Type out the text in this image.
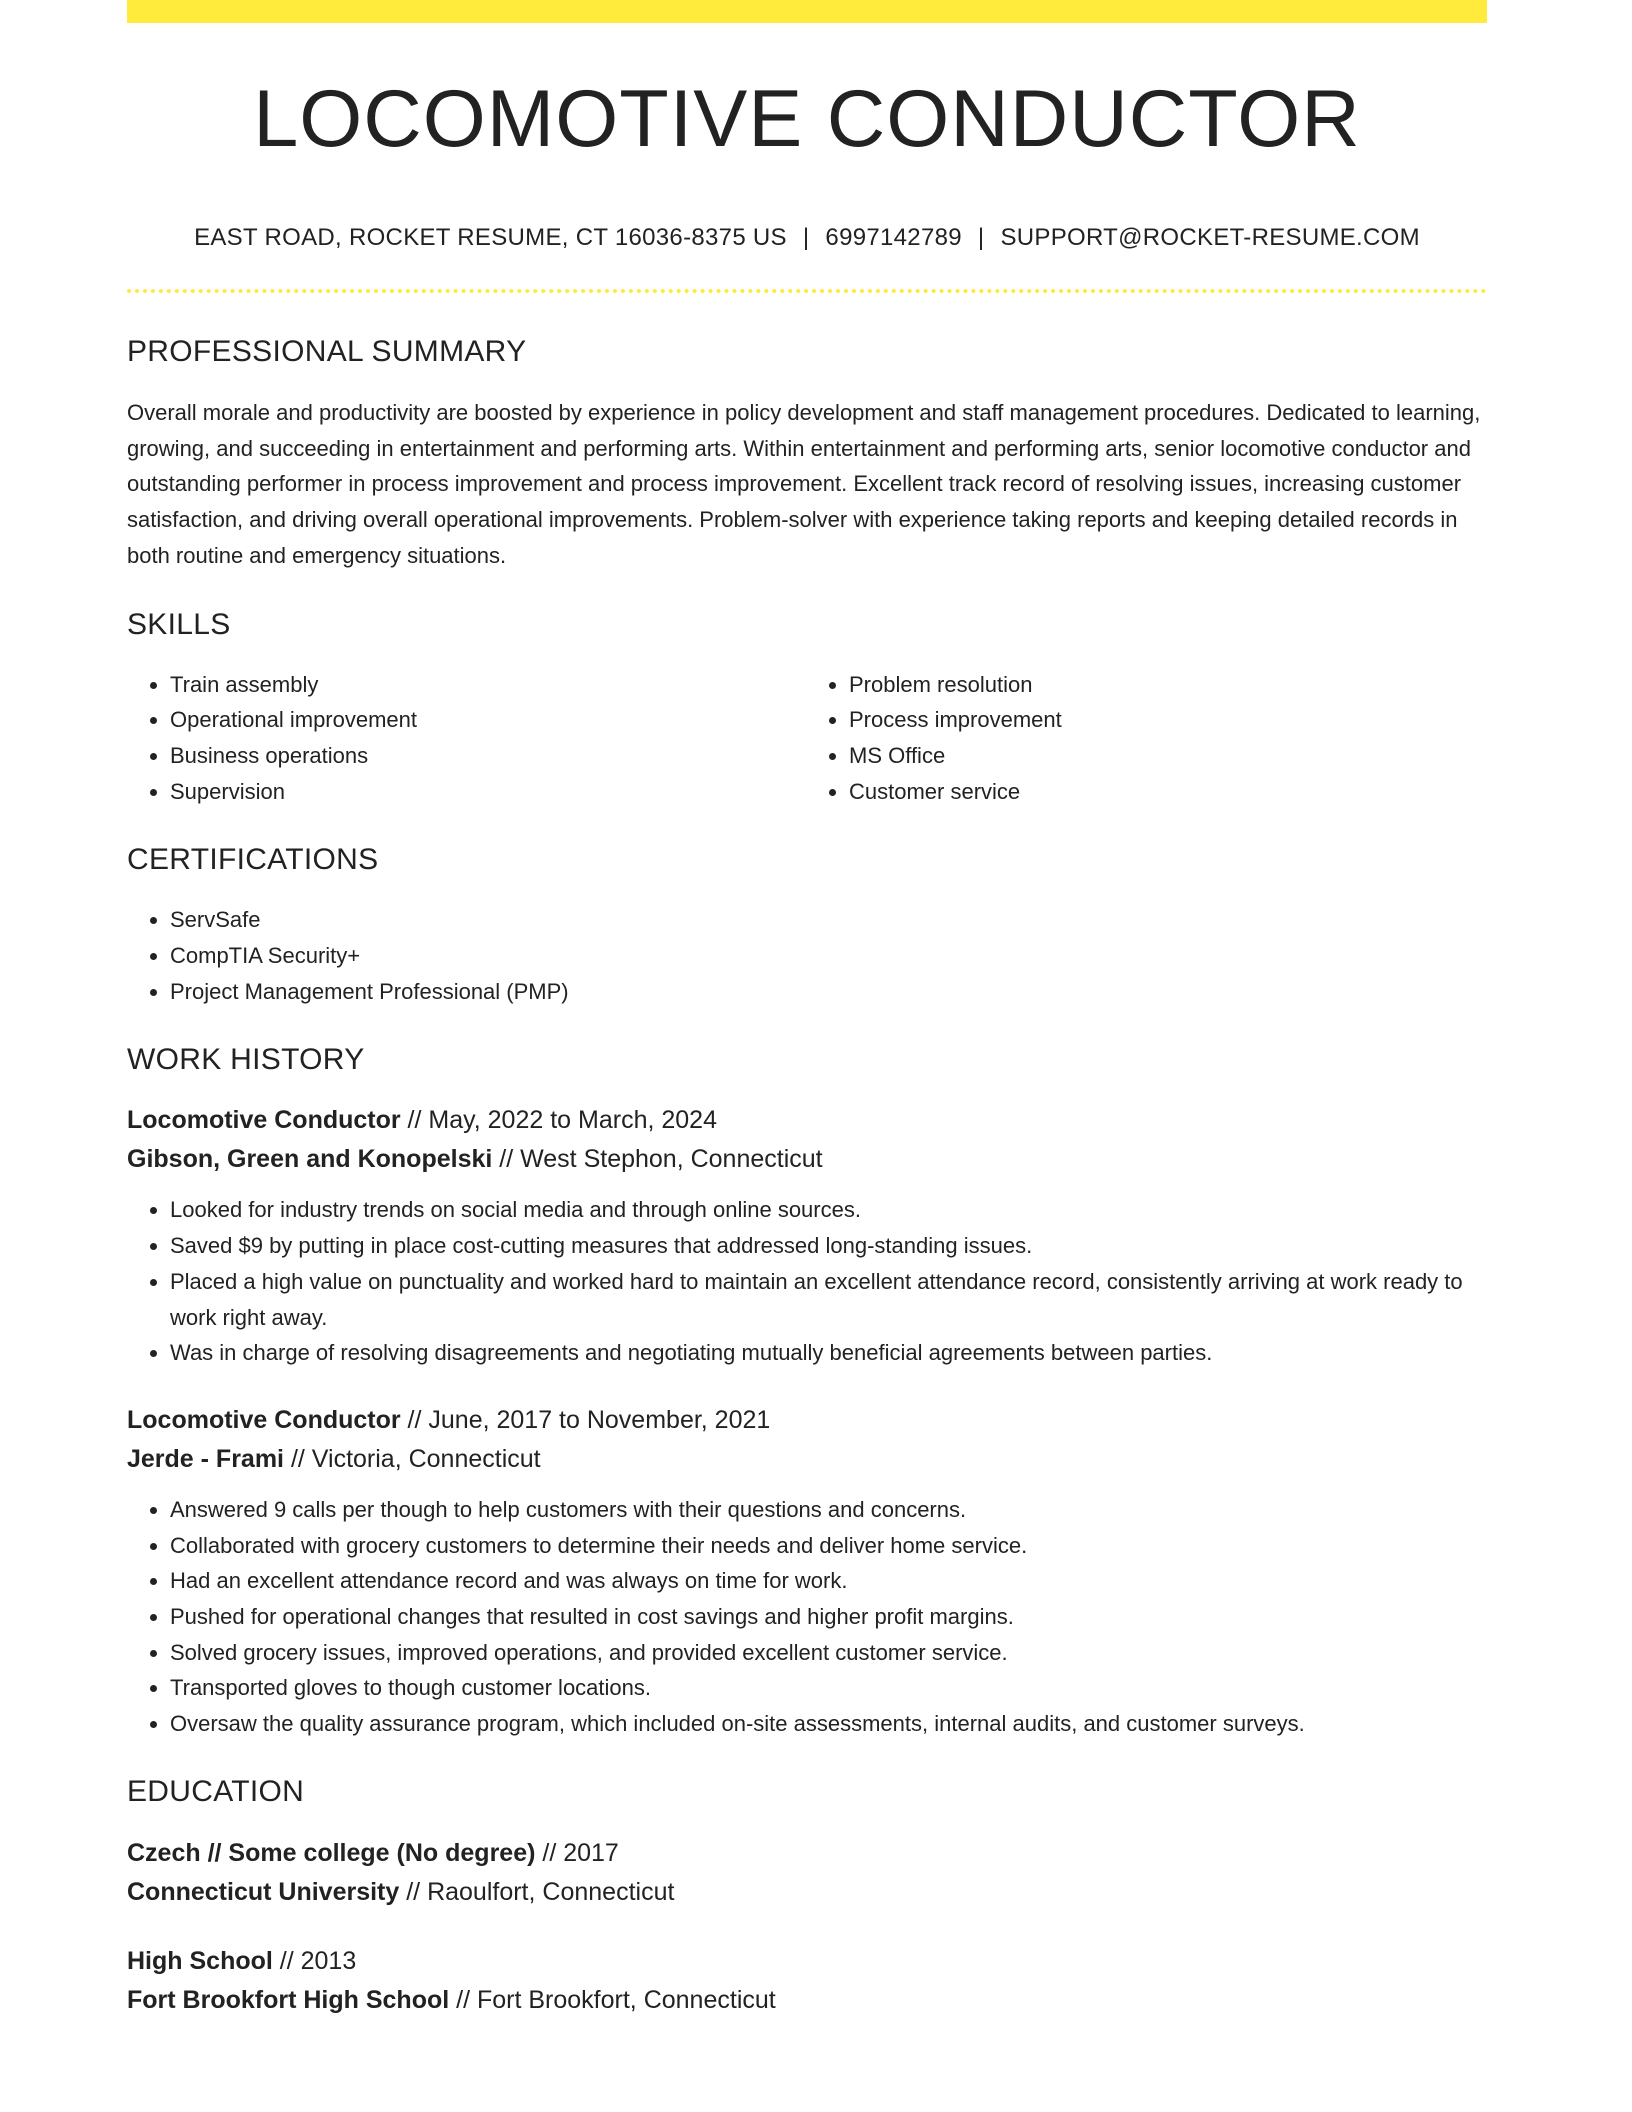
LOCOMOTIVE CONDUCTOR
EAST ROAD, ROCKET RESUME, CT 16036-8375 US | 6997142789 | SUPPORT@ROCKET-RESUME.COM
PROFESSIONAL SUMMARY

Overall morale and productivity are boosted by experience in policy development and staff management procedures. Dedicated to learning, growing, and succeeding in entertainment and performing arts. Within entertainment and performing arts, senior locomotive conductor and outstanding performer in process improvement and process improvement. Excellent track record of resolving issues, increasing customer satisfaction, and driving overall operational improvements. Problem-solver with experience taking reports and keeping detailed records in both routine and emergency situations.

SKILLS
• Train assembly
• Operational improvement
• Business operations
• Supervision
• Problem resolution
• Process improvement
• MS Office
• Customer service
CERTIFICATIONS
• ServSafe
• CompTIA Security+
• Project Management Professional (PMP)
WORK HISTORY
Locomotive Conductor // May, 2022 to March, 2024
Gibson, Green and Konopelski // West Stephon, Connecticut
• Looked for industry trends on social media and through online sources.
• Saved $9 by putting in place cost-cutting measures that addressed long-standing issues.
• Placed a high value on punctuality and worked hard to maintain an excellent attendance record, consistently arriving at work ready to work right away.
• Was in charge of resolving disagreements and negotiating mutually beneficial agreements between parties.
Locomotive Conductor // June, 2017 to November, 2021
Jerde - Frami // Victoria, Connecticut
• Answered 9 calls per though to help customers with their questions and concerns.
• Collaborated with grocery customers to determine their needs and deliver home service.
• Had an excellent attendance record and was always on time for work.
• Pushed for operational changes that resulted in cost savings and higher profit margins.
• Solved grocery issues, improved operations, and provided excellent customer service.
• Transported gloves to though customer locations.
• Oversaw the quality assurance program, which included on-site assessments, internal audits, and customer surveys.
EDUCATION
Czech // Some college (No degree) // 2017
Connecticut University // Raoulfort, Connecticut
High School // 2013
Fort Brookfort High School // Fort Brookfort, Connecticut
